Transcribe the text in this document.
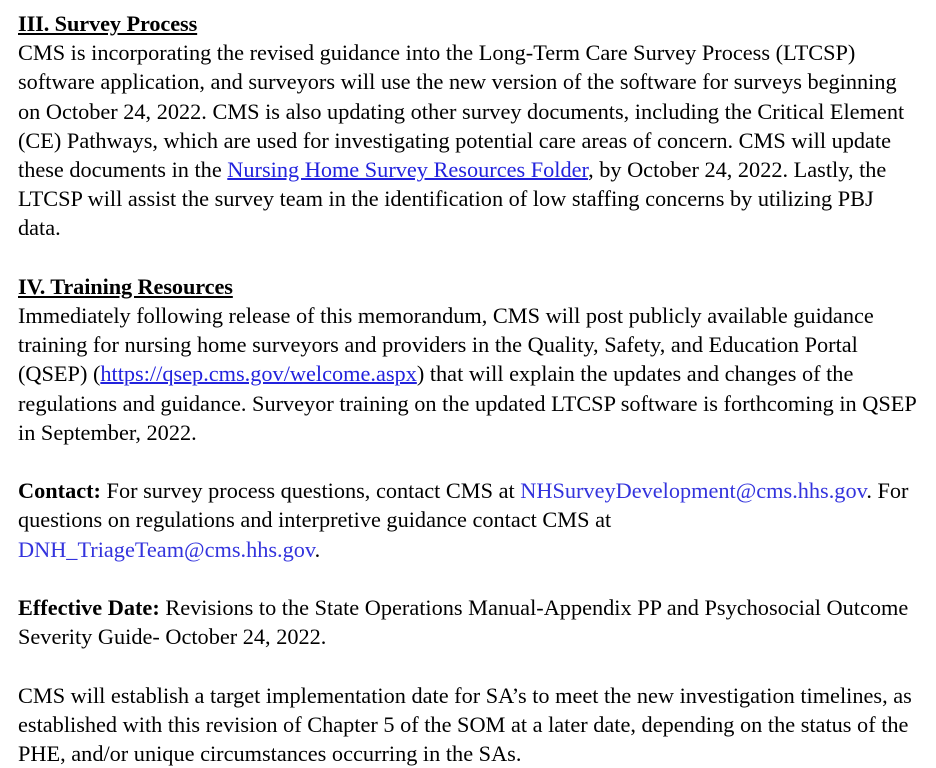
III. Survey Process

CMS is incorporating the revised guidance into the Long-Term Care Survey Process (LTCSP) software application, and surveyors will use the new version of the software for surveys beginning on October 24, 2022. CMS is also updating other survey documents, including the Critical Element (CE) Pathways, which are used for investigating potential care areas of concern. CMS will update these documents in the Nursing Home Survey Resources Folder, by October 24, 2022. Lastly, the LTCSP will assist the survey team in the identification of low staffing concerns by utilizing PBJ data.

IV. Training Resources

Immediately following release of this memorandum, CMS will post publicly available guidance training for nursing home surveyors and providers in the Quality, Safety, and Education Portal (QSEP) (https://qsep.cms.gov/welcome.aspx) that will explain the updates and changes of the regulations and guidance. Surveyor training on the updated LTCSP software is forthcoming in QSEP in September, 2022.

Contact: For survey process questions, contact CMS at NHSurveyDevelopment@cms.hhs.gov. For questions on regulations and interpretive guidance contact CMS at DNH_TriageTeam@cms.hhs.gov.

Effective Date: Revisions to the State Operations Manual-Appendix PP and Psychosocial Outcome Severity Guide- October 24, 2022.

CMS will establish a target implementation date for SA’s to meet the new investigation timelines, as established with this revision of Chapter 5 of the SOM at a later date, depending on the status of the PHE, and/or unique circumstances occurring in the SAs.
